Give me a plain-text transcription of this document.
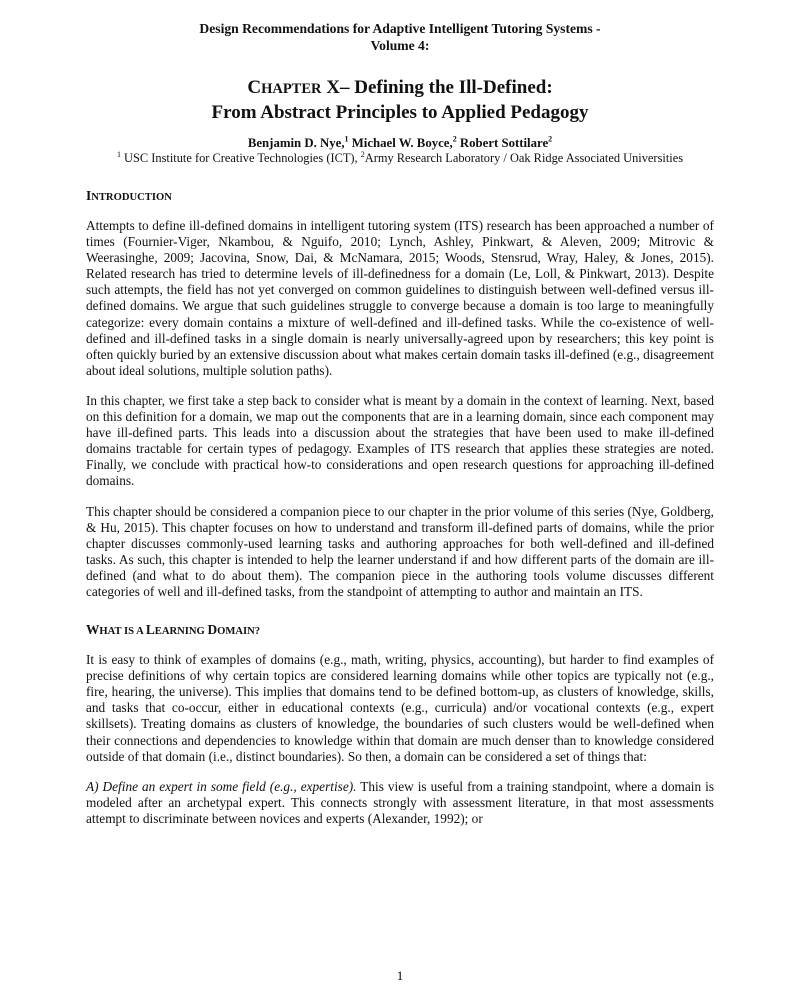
Design Recommendations for Adaptive Intelligent Tutoring Systems -
Volume 4:
CHAPTER X– Defining the Ill-Defined:
From Abstract Principles to Applied Pedagogy
Benjamin D. Nye,$^1$ Michael W. Boyce,$^2$ Robert Sottilare$^2$
$^1$ USC Institute for Creative Technologies (ICT), $^2$Army Research Laboratory / Oak Ridge Associated Universities
INTRODUCTION

Attempts to define ill-defined domains in intelligent tutoring system (ITS) research has been approached a number of times (Fournier-Viger, Nkambou, & Nguifo, 2010; Lynch, Ashley, Pinkwart, & Aleven, 2009; Mitrovic & Weerasinghe, 2009; Jacovina, Snow, Dai, & McNamara, 2015; Woods, Stensrud, Wray, Haley, & Jones, 2015). Related research has tried to determine levels of ill-definedness for a domain (Le, Loll, & Pinkwart, 2013). Despite such attempts, the field has not yet converged on common guidelines to distinguish between well-defined versus ill-defined domains. We argue that such guidelines struggle to converge because a domain is too large to meaningfully categorize: every domain contains a mixture of well-defined and ill-defined tasks. While the co-existence of well-defined and ill-defined tasks in a single domain is nearly universally-agreed upon by researchers; this key point is often quickly buried by an extensive discussion about what makes certain domain tasks ill-defined (e.g., disagreement about ideal solutions, multiple solution paths).

In this chapter, we first take a step back to consider what is meant by a domain in the context of learning. Next, based on this definition for a domain, we map out the components that are in a learning domain, since each component may have ill-defined parts. This leads into a discussion about the strategies that have been used to make ill-defined domains tractable for certain types of pedagogy. Examples of ITS research that applies these strategies are noted. Finally, we conclude with practical how-to considerations and open research questions for approaching ill-defined domains.

This chapter should be considered a companion piece to our chapter in the prior volume of this series (Nye, Goldberg, & Hu, 2015). This chapter focuses on how to understand and transform ill-defined parts of domains, while the prior chapter discusses commonly-used learning tasks and authoring approaches for both well-defined and ill-defined tasks. As such, this chapter is intended to help the learner understand if and how different parts of the domain are ill-defined (and what to do about them). The companion piece in the authoring tools volume discusses different categories of well and ill-defined tasks, from the standpoint of attempting to author and maintain an ITS.

WHAT IS A LEARNING DOMAIN?

It is easy to think of examples of domains (e.g., math, writing, physics, accounting), but harder to find examples of precise definitions of why certain topics are considered learning domains while other topics are typically not (e.g., fire, hearing, the universe). This implies that domains tend to be defined bottom-up, as clusters of knowledge, skills, and tasks that co-occur, either in educational contexts (e.g., curricula) and/or vocational contexts (e.g., expert skillsets). Treating domains as clusters of knowledge, the boundaries of such clusters would be well-defined when their connections and dependencies to knowledge within that domain are much denser than to knowledge considered outside of that domain (i.e., distinct boundaries). So then, a domain can be considered a set of things that:

A) Define an expert in some field (e.g., expertise). This view is useful from a training standpoint, where a domain is modeled after an archetypal expert. This connects strongly with assessment literature, in that most assessments attempt to discriminate between novices and experts (Alexander, 1992); or

1
